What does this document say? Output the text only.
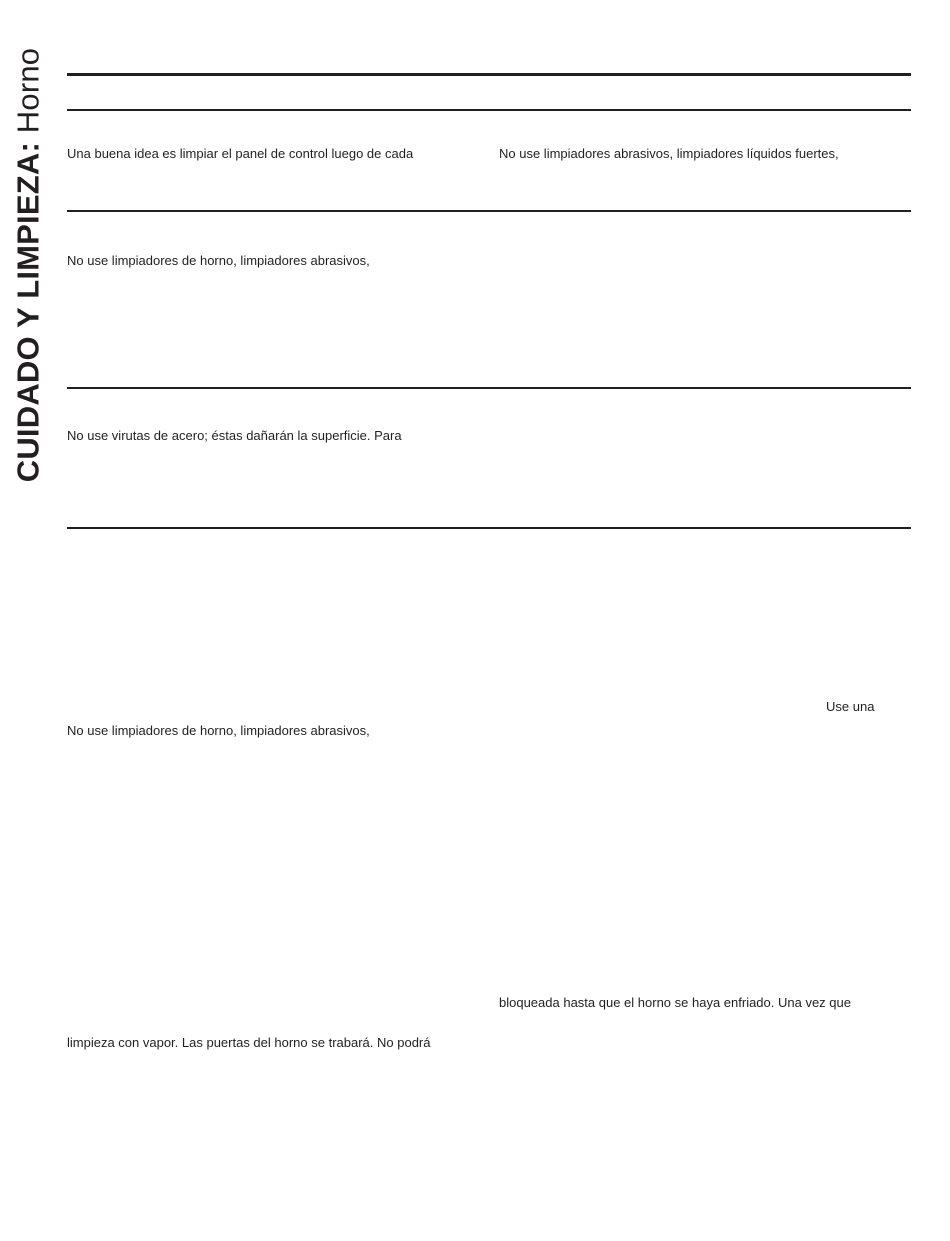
CUIDADO Y LIMPIEZA: Horno
Una buena idea es limpiar el panel de control luego de cada	No use limpiadores abrasivos, limpiadores líquidos fuertes,
No use limpiadores de horno, limpiadores abrasivos,
No use virutas de acero; éstas dañarán la superficie. Para
Use una
No use limpiadores de horno, limpiadores abrasivos,
bloqueada hasta que el horno se haya enfriado. Una vez que
limpieza con vapor. Las puertas del horno se trabará. No podrá
